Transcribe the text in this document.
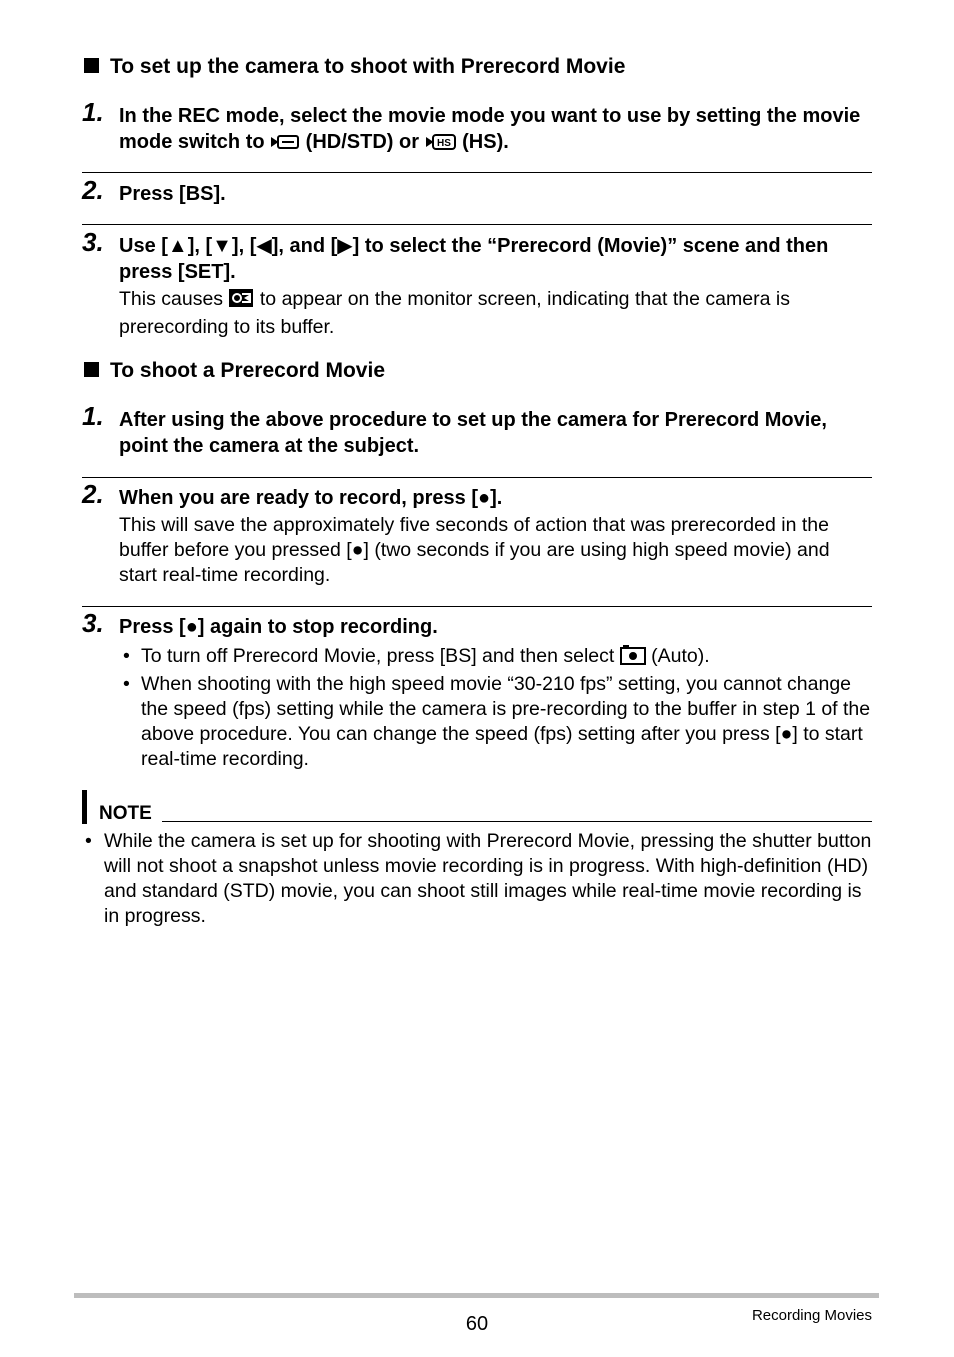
To set up the camera to shoot with Prerecord Movie
1. In the REC mode, select the movie mode you want to use by setting the movie mode switch to  (HD/STD) or HS (HS).
2. Press [BS].
3. Use [▲], [▼], [◀], and [▶] to select the “Prerecord (Movie)” scene and then press [SET].
This causes  to appear on the monitor screen, indicating that the camera is prerecording to its buffer.
To shoot a Prerecord Movie
1. After using the above procedure to set up the camera for Prerecord Movie, point the camera at the subject.
2. When you are ready to record, press [●].
This will save the approximately five seconds of action that was prerecorded in the buffer before you pressed [●] (two seconds if you are using high speed movie) and start real-time recording.
3. Press [●] again to stop recording.
• To turn off Prerecord Movie, press [BS] and then select  (Auto).
• When shooting with the high speed movie “30-210 fps” setting, you cannot change the speed (fps) setting while the camera is pre-recording to the buffer in step 1 of the above procedure. You can change the speed (fps) setting after you press [●] to start real-time recording.
NOTE
• While the camera is set up for shooting with Prerecord Movie, pressing the shutter button will not shoot a snapshot unless movie recording is in progress. With high-definition (HD) and standard (STD) movie, you can shoot still images while real-time movie recording is in progress.
60	Recording Movies
